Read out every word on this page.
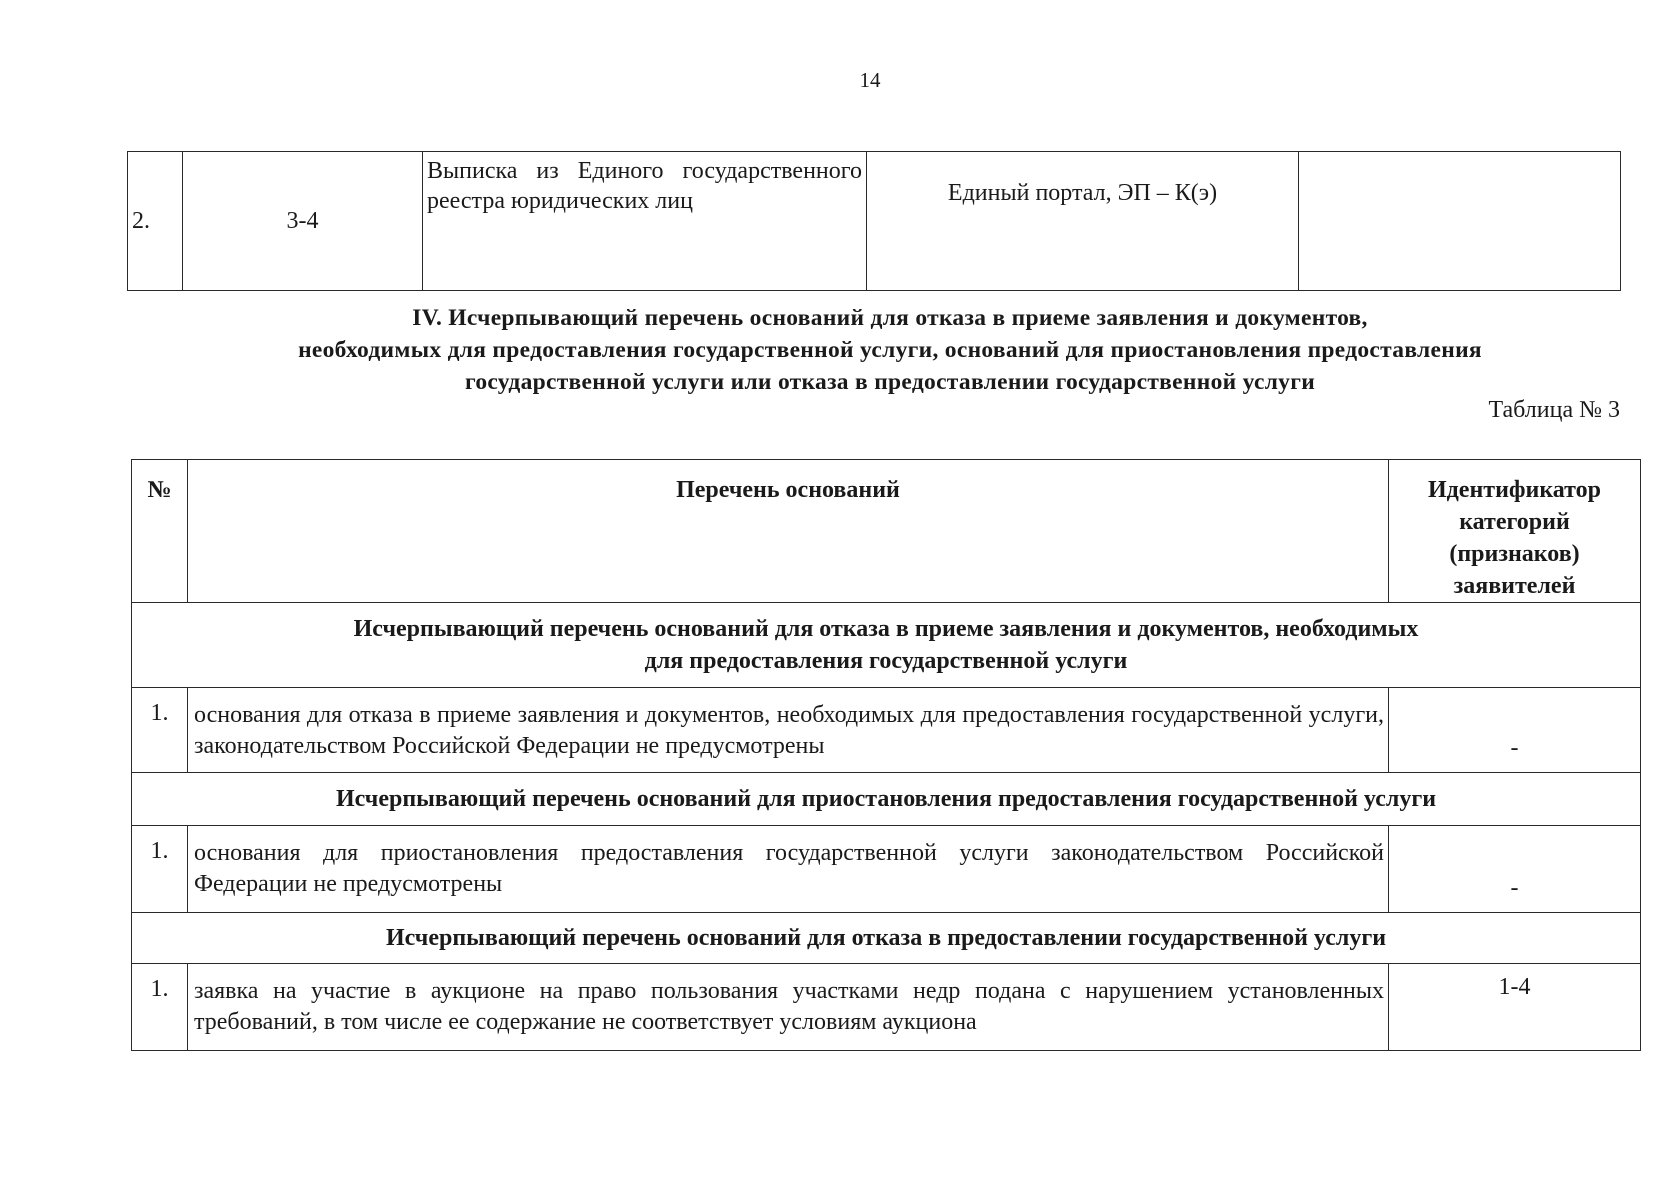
14
2.	3-4	Выписка из Единого государственного реестра юридических лиц	Единый портал, ЭП – К(э)	
IV. Исчерпывающий перечень оснований для отказа в приеме заявления и документов,
необходимых для предоставления государственной услуги, оснований для приостановления предоставления
государственной услуги или отказа в предоставлении государственной услуги
Таблица № 3
№	Перечень оснований	Идентификатор категорий (признаков) заявителей

Исчерпывающий перечень оснований для отказа в приеме заявления и документов, необходимых
для предоставления государственной услуги		

1.	основания для отказа в приеме заявления и документов, необходимых для предоставления государственной услуги, законодательством Российской Федерации не предусмотрены	-

Исчерпывающий перечень оснований для приостановления предоставления государственной услуги		

1.	основания для приостановления предоставления государственной услуги законодательством Российской Федерации не предусмотрены	-

Исчерпывающий перечень оснований для отказа в предоставлении государственной услуги		

1.	заявка на участие в аукционе на право пользования участками недр подана с нарушением установленных требований, в том числе ее содержание не соответствует условиям аукциона	1-4
